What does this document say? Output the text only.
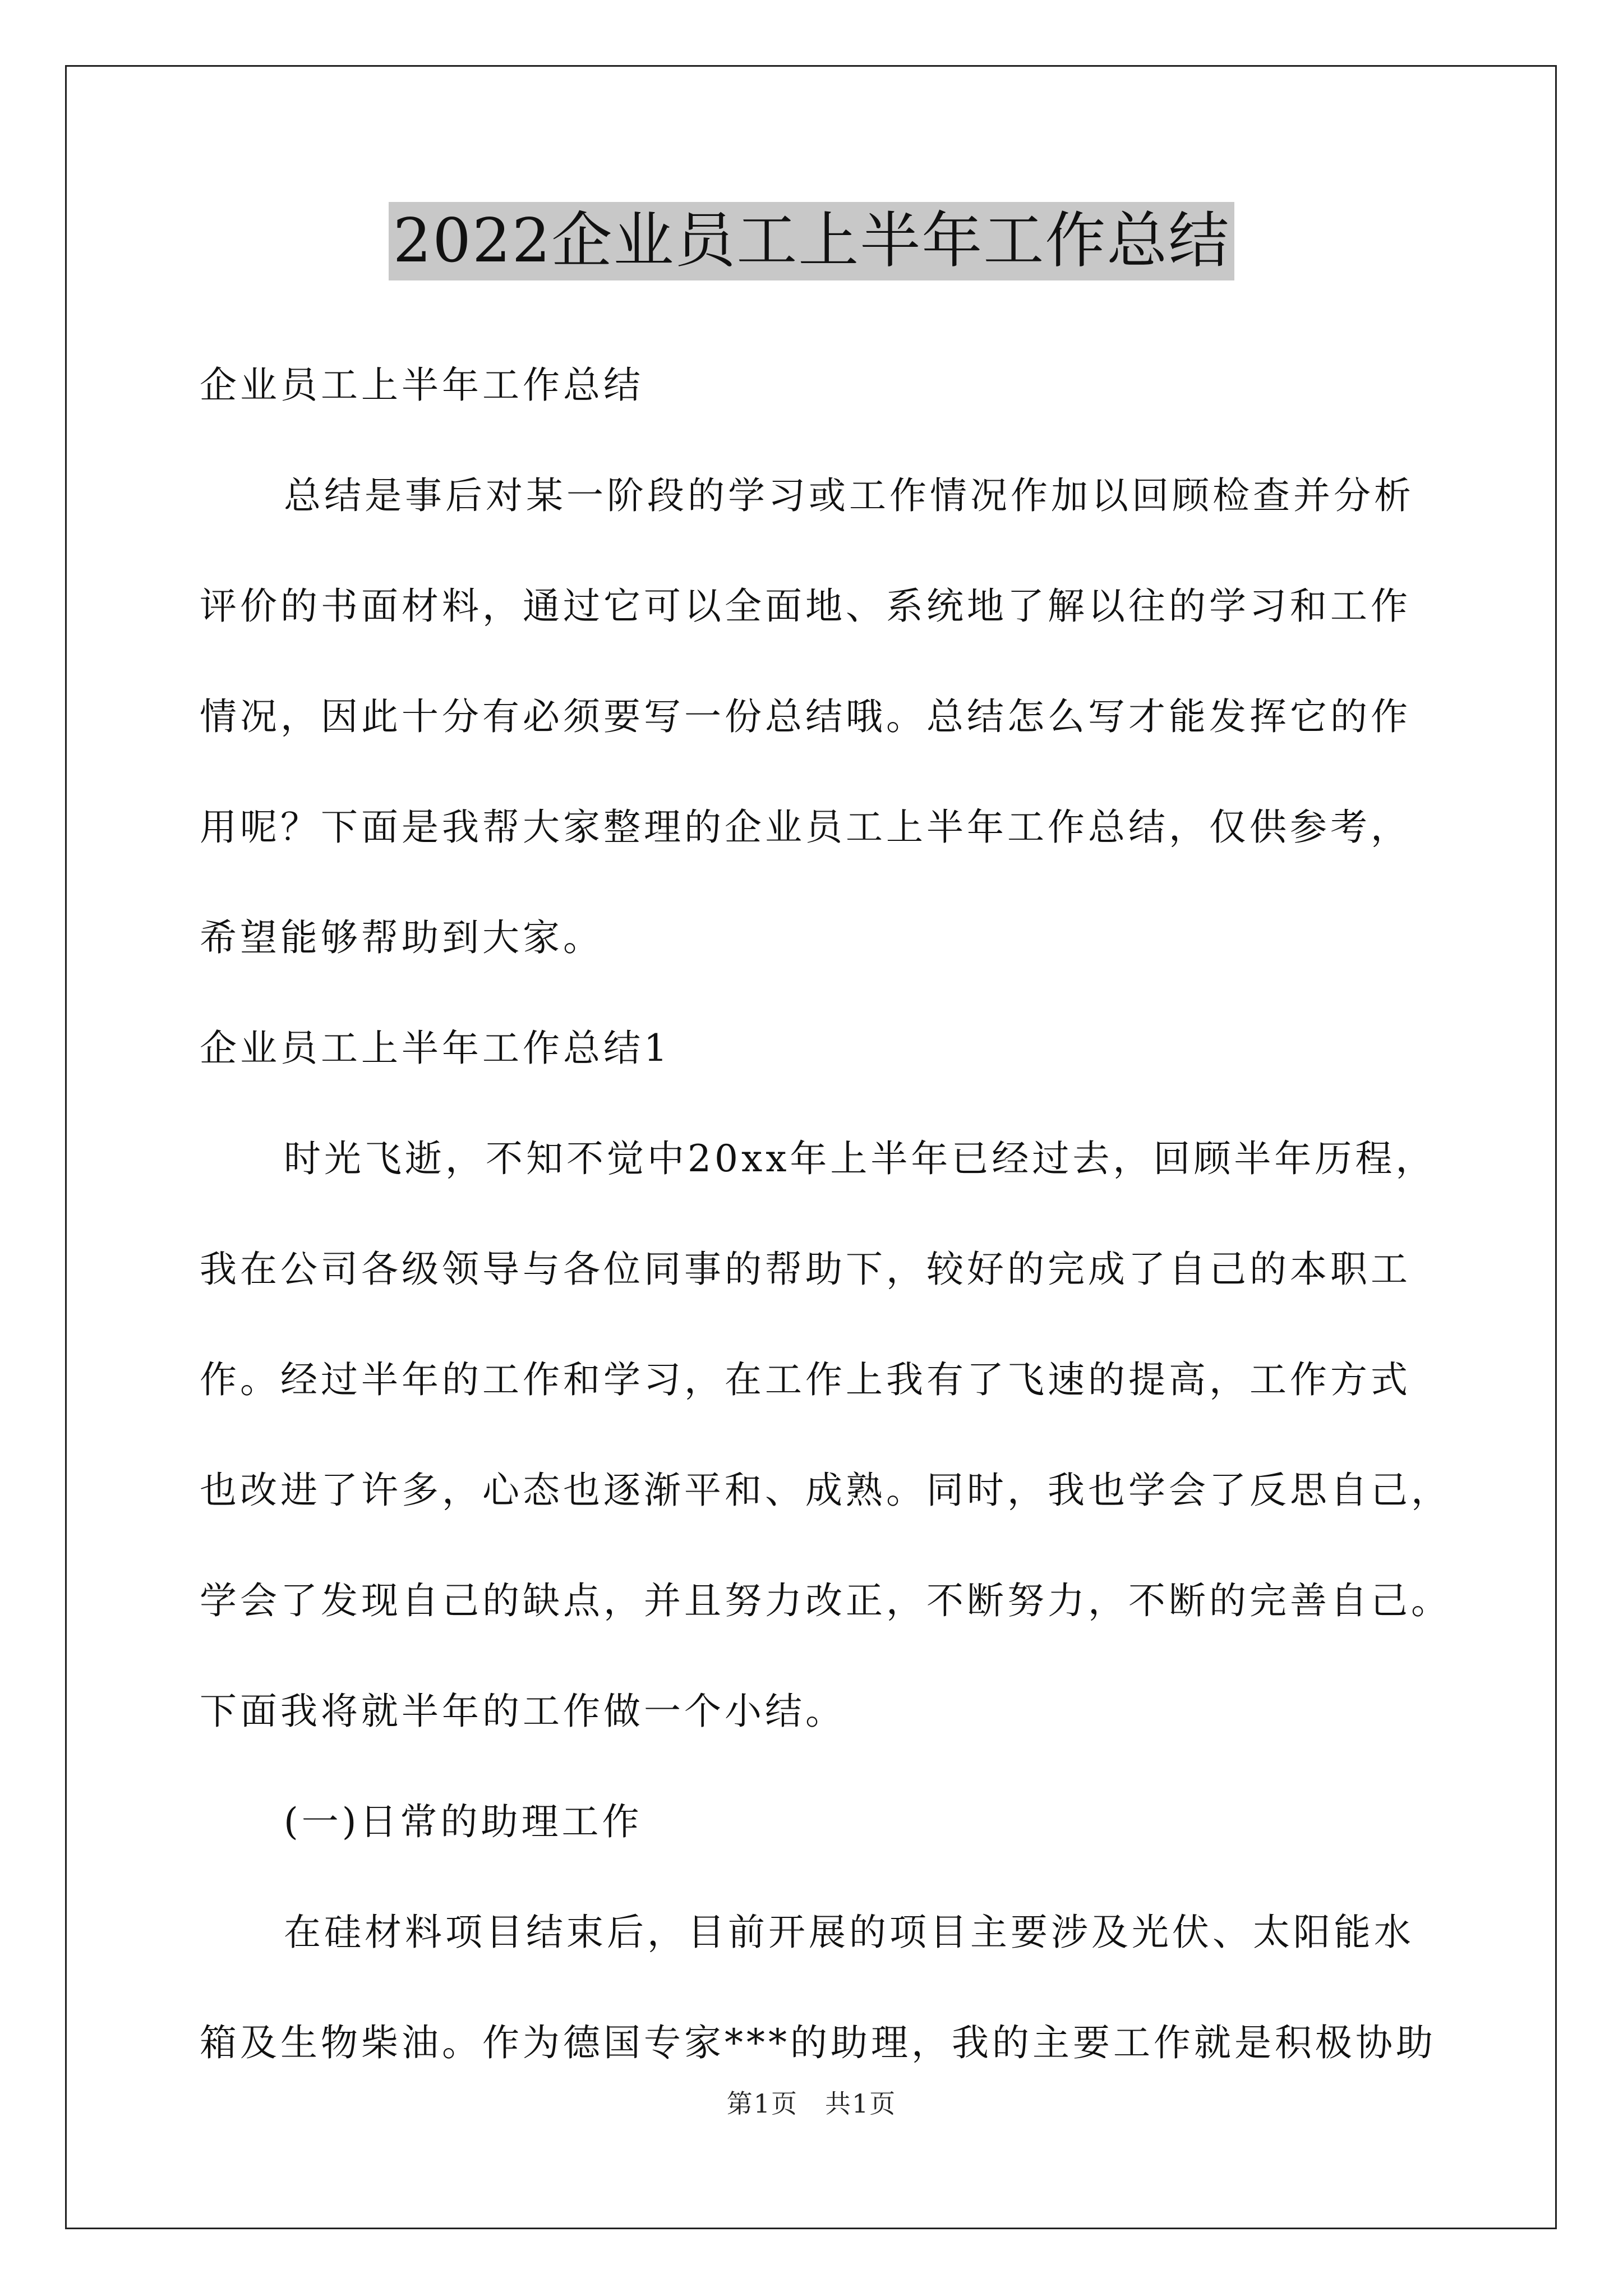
2022企业员工上半年工作总结
企业员工上半年工作总结
总结是事后对某一阶段的学习或工作情况作加以回顾检查并分析
评价的书面材料，通过它可以全面地、系统地了解以往的学习和工作
情况，因此十分有必须要写一份总结哦。总结怎么写才能发挥它的作
用呢？下面是我帮大家整理的企业员工上半年工作总结，仅供参考，
希望能够帮助到大家。
企业员工上半年工作总结1
时光飞逝，不知不觉中20xx年上半年已经过去，回顾半年历程，
我在公司各级领导与各位同事的帮助下，较好的完成了自己的本职工
作。经过半年的工作和学习，在工作上我有了飞速的提高，工作方式
也改进了许多，心态也逐渐平和、成熟。同时，我也学会了反思自己，
学会了发现自己的缺点，并且努力改正，不断努力，不断的完善自己。
下面我将就半年的工作做一个小结。
(一)日常的助理工作
在硅材料项目结束后，目前开展的项目主要涉及光伏、太阳能水
箱及生物柴油。作为德国专家***的助理，我的主要工作就是积极协助
第1页　共1页
